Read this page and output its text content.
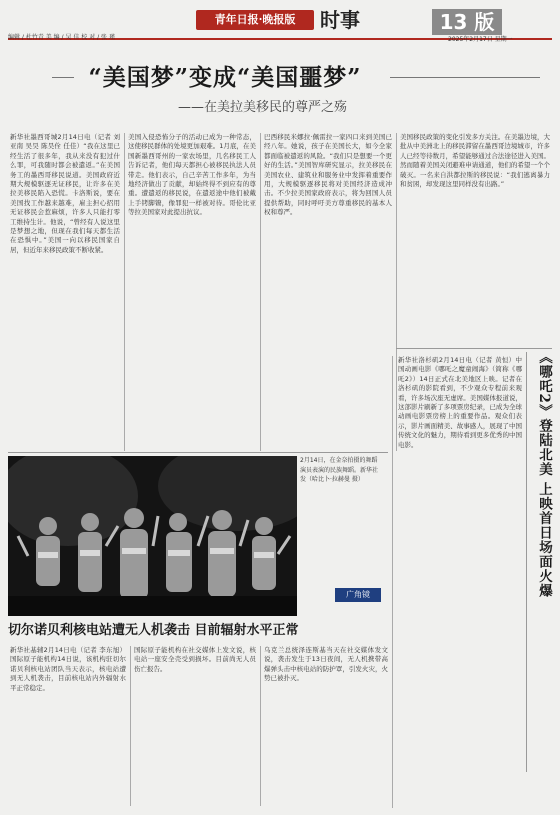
编辑 / 杜竹青 美 编 / 吴 佳 校 对 / 张 瑾
青年日报·晚报版	时事	13 版
2025年2月17日 星期一
“美国梦”变成“美国噩梦”
——在美拉美移民的尊严之殇
新华社墨西哥城2月14日电（记者 刘亚南 吴昊 陈昊佺 任佳）“我在这里已经生活了很多年，我从来没有犯过什么罪，可我随时都会被遣返。”在美国务工的墨西哥移民说道。美国政府近期大规模驱逐无证移民，让许多在美拉美移民陷入恐慌。卡洛斯说，要在美国找工作越来越难，雇主担心招用无证移民会惹麻烦，许多人只能打零工维持生计。他说，“曾经有人说这里是梦想之地，但现在我们每天都生活在恐惧中。”美国一向以移民国家自居，但近年来移民政策不断收紧。
美国入侵恐怖分子的活动已成为一种常态，这使移民群体的处境更加艰难。1月底，在美国新墨西哥州的一家农场里，几名移民工人告诉记者，他们每天都担心被移民执法人员带走。他们表示，自己辛苦工作多年，为当地经济做出了贡献，却始终得不到应有的尊重。遭遣返的移民说，在遣返途中他们被戴上手铐脚镣，像罪犯一样被对待。哥伦比亚等拉美国家对此提出抗议。
巴西移民米娜拉·佩雷拉一家四口来到美国已经八年。她说，孩子在美国长大，如今全家都面临被遣返的风险。“我们只是想要一个更好的生活。”美国智库研究显示，拉美移民在美国农业、建筑业和服务业中发挥着重要作用，大规模驱逐移民将对美国经济造成冲击。不少拉美国家政府表示，将为回国人员提供帮助，同时呼吁美方尊重移民的基本人权和尊严。
美国移民政策的变化引发多方关注。在美墨边境，大批从中美洲北上的移民滞留在墨西哥边境城市，许多人已经等待数月，希望能够通过合法途径进入美国。然而随着美国关闭避难申请通道，他们的希望一个个破灭。一名来自洪都拉斯的移民说：“我们逃离暴力和贫困，却发现这里同样没有出路。”
2月14日，在金奈拍摄的舞蹈演员表演的民族舞蹈。新华社发（哈比卜·拉赫曼 摄）
广角镜
切尔诺贝利核电站遭无人机袭击 目前辐射水平正常
新华社基辅2月14日电（记者 李东旭）国际原子能机构14日说，该机构驻切尔诺贝利核电站团队当天表示，核电站遭到无人机袭击，目前核电站内外辐射水平正常稳定。
国际原子能机构在社交媒体上发文说，核电站一座安全壳受到损坏。目前尚无人员伤亡报告。
乌克兰总统泽连斯基当天在社交媒体发文说，袭击发生于13日夜间，无人机携带高爆弹头击中核电站的防护罩，引发火灾，火势已被扑灭。
新华社洛杉矶2月14日电（记者 黄恒）中国动画电影《哪吒之魔童闹海》（简称《哪吒2》）14日正式在北美地区上映。记者在洛杉矶的影院看到，不少观众专程前来观看，许多场次座无虚席。美国媒体报道说，这部影片刷新了多项票房纪录，已成为全球动画电影票房榜上的重要作品。观众们表示，影片画面精美、故事感人，展现了中国传统文化的魅力，期待看到更多优秀的中国电影。	《哪吒2》登陆北美 上映首日场面火爆
